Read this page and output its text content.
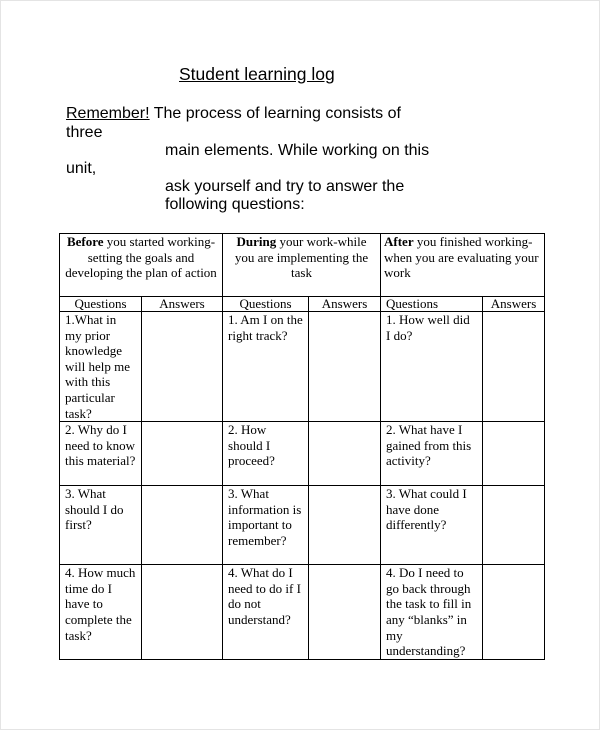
Student learning log
Remember! The process of learning consists of
three
main elements. While working on this
unit,
ask yourself and try to answer the
following questions:
Before you started working-setting the goals and developing the plan of action		During your work-while you are implementing the task		After you finished working- when you are evaluating your work	
Questions	Answers	Questions	Answers	Questions	Answers
1.What in my prior knowledge will help me with this particular task?		1. Am I on the right track?		1. How well did I do?	
2. Why do I need to know this material?		2. How should I proceed?		2. What have I gained from this activity?	
3. What should I do first?		3. What information is important to remember?		3. What could I have done differently?	
4. How much time do I have to complete the task?		4. What do I need to do if I do not understand?		4. Do I need to go back through the task to fill in any “blanks” in my understanding?	
